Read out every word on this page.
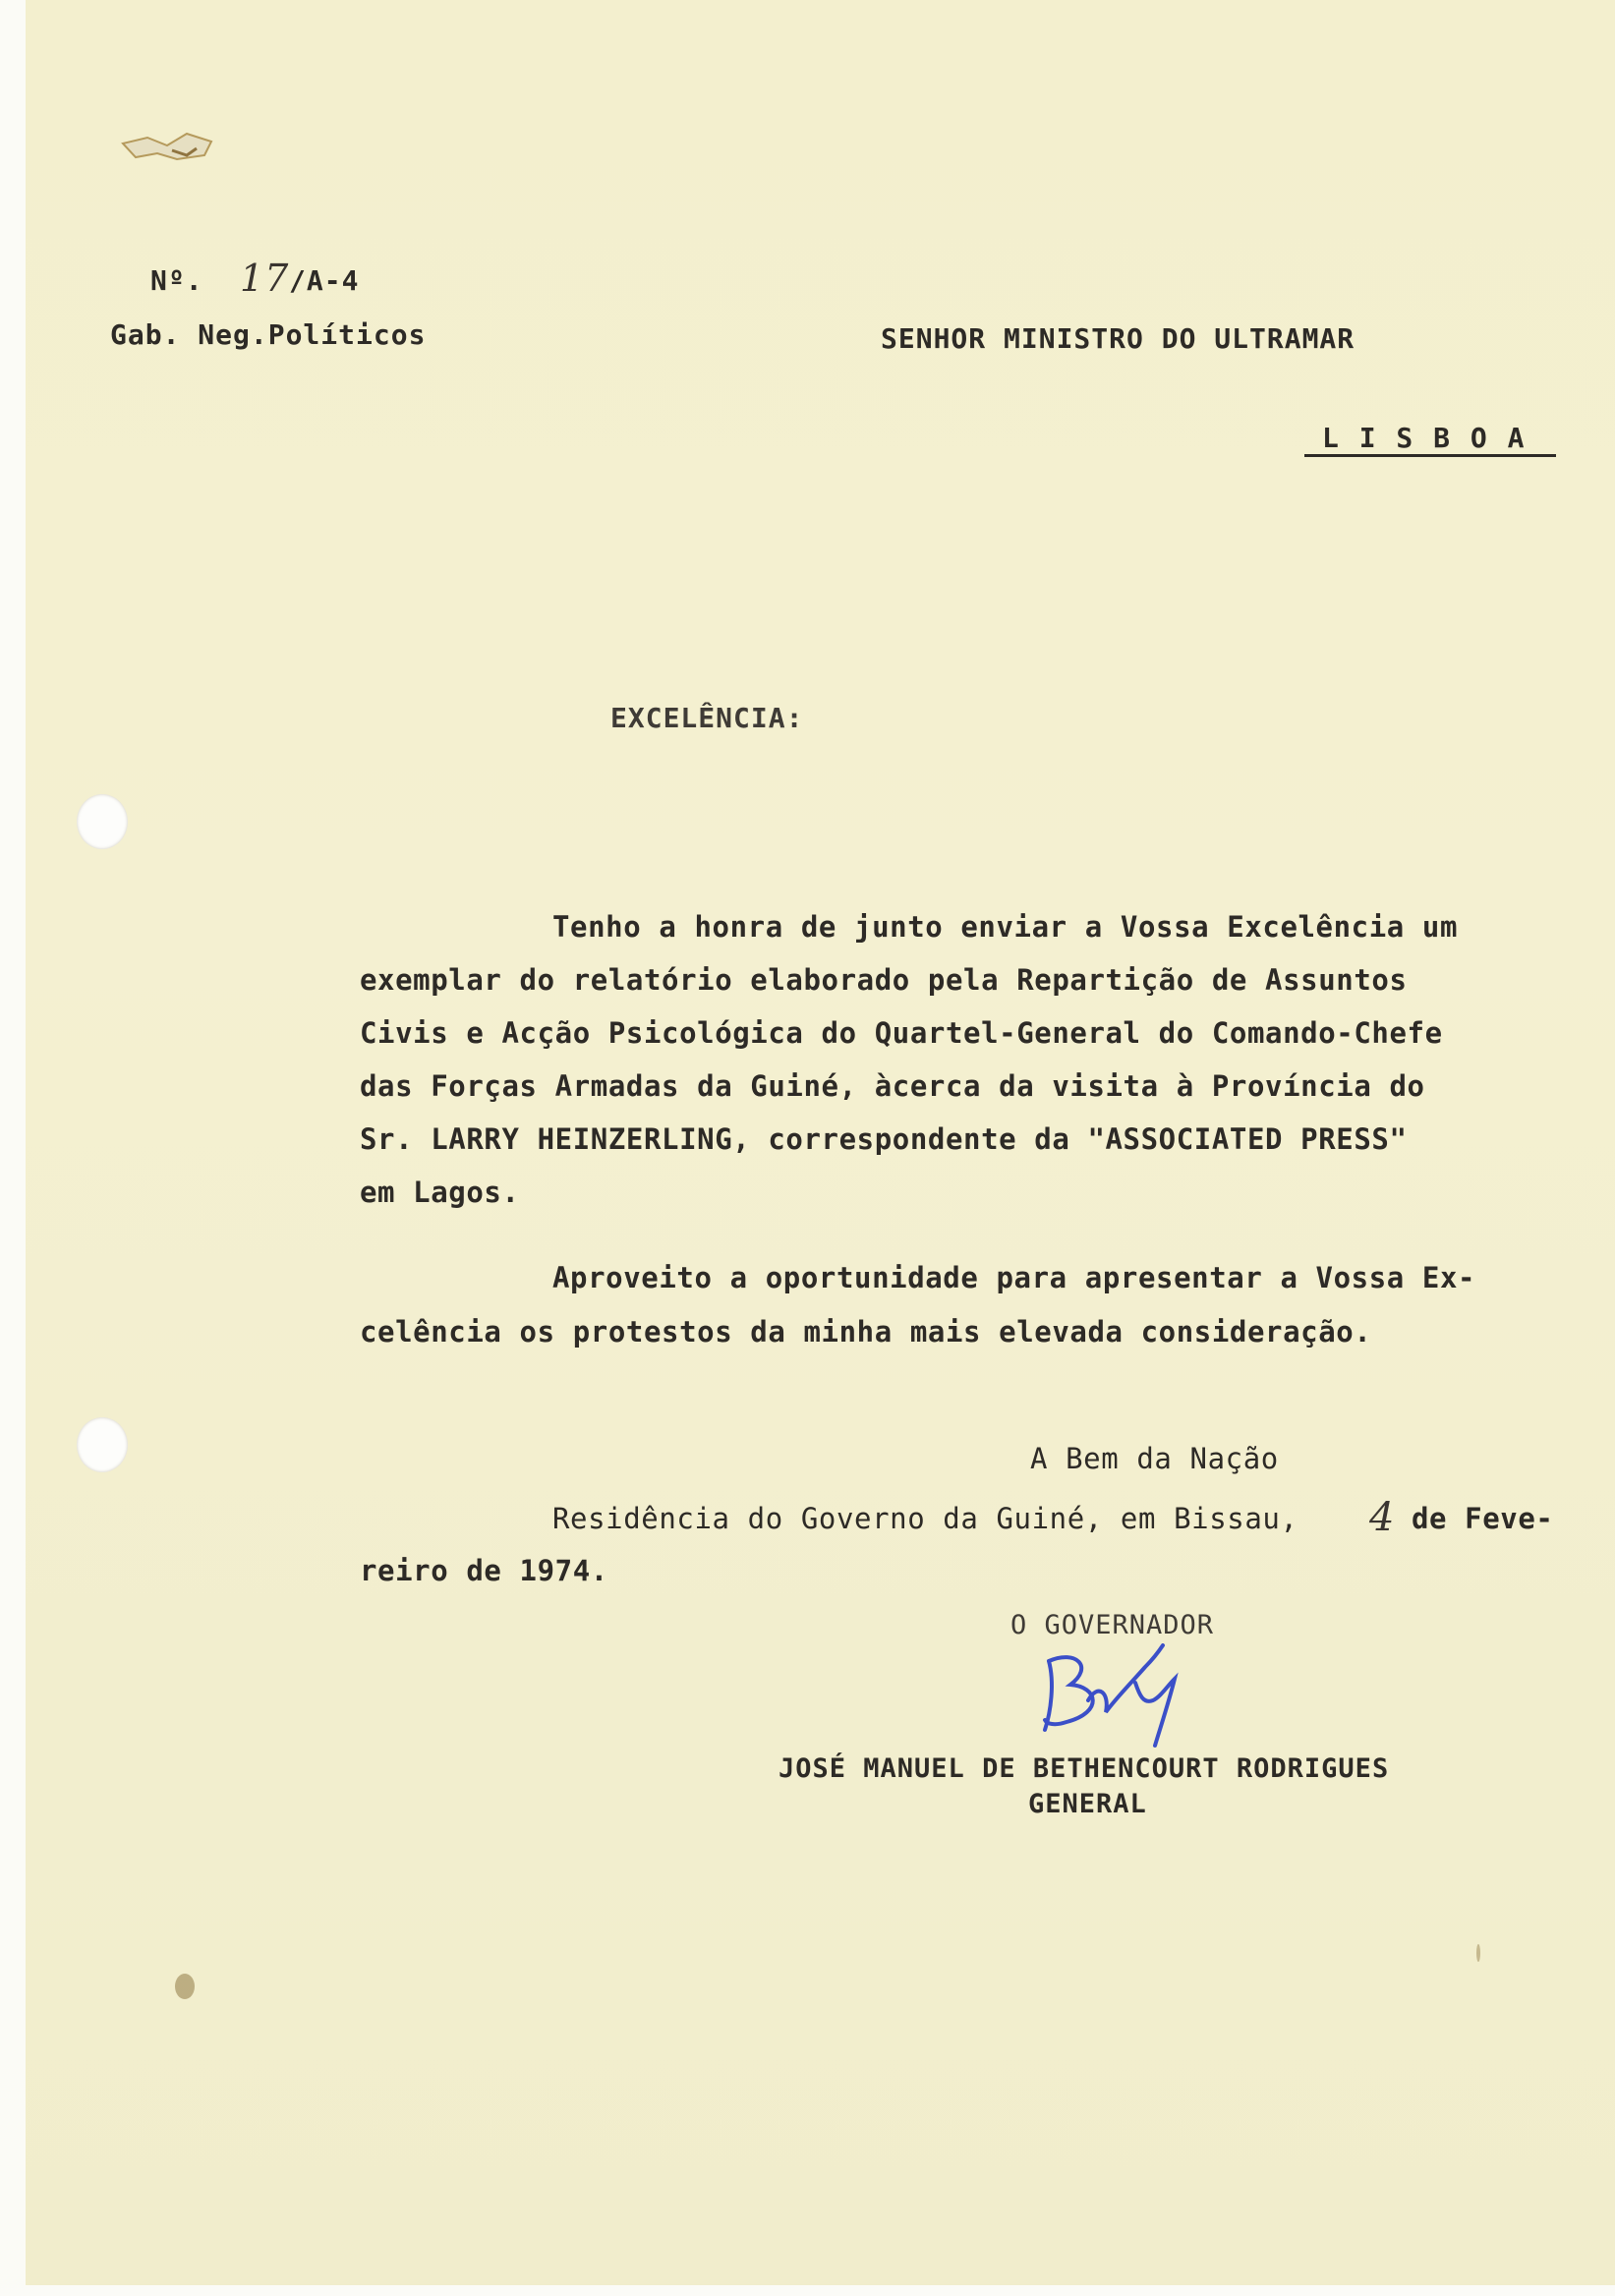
Nº. 17 /A-4
Gab. Neg.Políticos	SENHOR MINISTRO DO ULTRAMAR
L I S B O A
EXCELÊNCIA:
Tenho a honra de junto enviar a Vossa Excelência um
exemplar do relatório elaborado pela Repartição de Assuntos
Civis e Acção Psicológica do Quartel-General do Comando-Chefe
das Forças Armadas da Guiné, àcerca da visita à Província do
Sr. LARRY HEINZERLING, correspondente da "ASSOCIATED PRESS"
em Lagos.
Aproveito a oportunidade para apresentar a Vossa Ex-
celência os protestos da minha mais elevada consideração.
A Bem da Nação
Residência do Governo da Guiné, em Bissau, 4 de Feve-
reiro de 1974.
O GOVERNADOR
JOSÉ MANUEL DE BETHENCOURT RODRIGUES
GENERAL
